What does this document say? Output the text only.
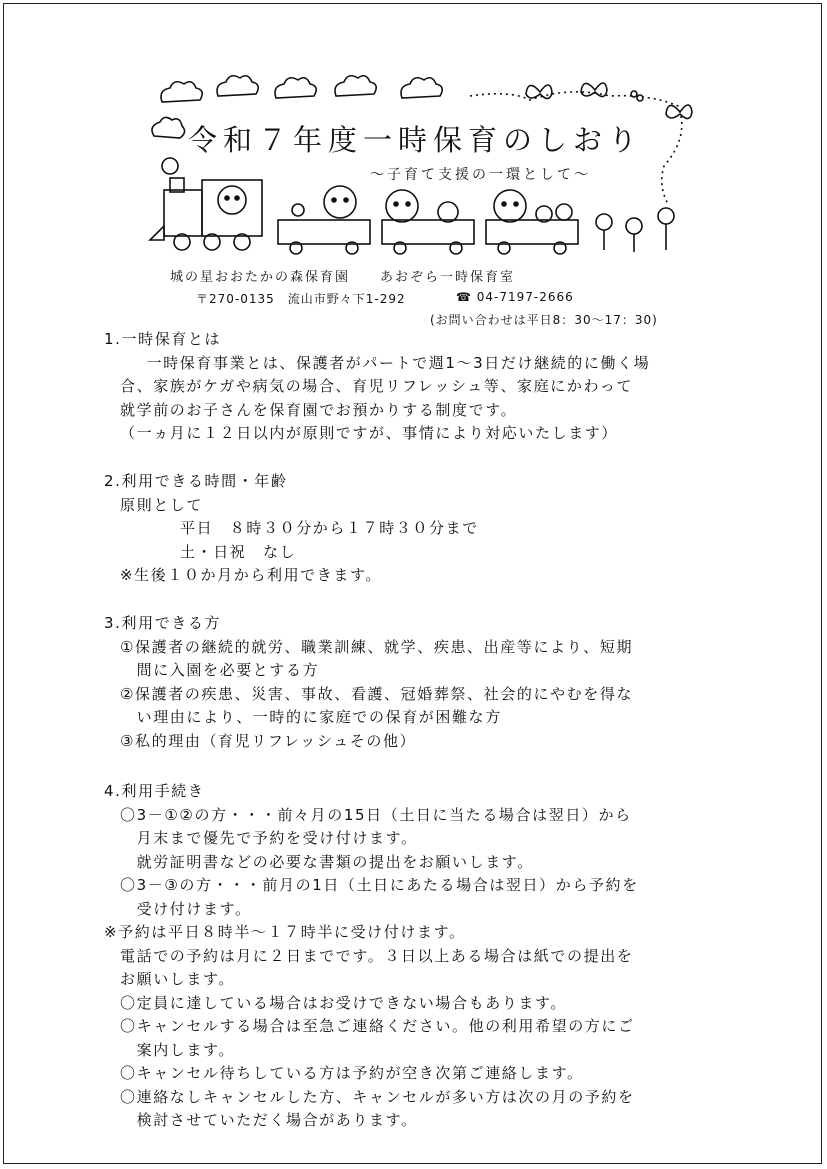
令和７年度一時保育のしおり
～子育て支援の一環として～
城の星おおたかの森保育園　　あおぞら一時保育室
〒270-0135　流山市野々下1-292	☎ 04-7197-2666
(お問い合わせは平日8：30～17：30)
1.一時保育とは
　一時保育事業とは、保護者がパートで週1～3日だけ継続的に働く場
合、家族がケガや病気の場合、育児リフレッシュ等、家庭にかわって
就学前のお子さんを保育園でお預かりする制度です。
（一ヵ月に１２日以内が原則ですが、事情により対応いたします）
2.利用できる時間・年齢
原則として
平日　８時３０分から１７時３０分まで
土・日祝　なし
※生後１０か月から利用できます。
3.利用できる方
①保護者の継続的就労、職業訓練、就学、疾患、出産等により、短期
　間に入園を必要とする方
②保護者の疾患、災害、事故、看護、冠婚葬祭、社会的にやむを得な
　い理由により、一時的に家庭での保育が困難な方
③私的理由（育児リフレッシュその他）
4.利用手続き
〇3－①②の方・・・前々月の15日（土日に当たる場合は翌日）から
　月末まで優先で予約を受け付けます。
　就労証明書などの必要な書類の提出をお願いします。
〇3－③の方・・・前月の1日（土日にあたる場合は翌日）から予約を
　受け付けます。
※予約は平日８時半～１７時半に受け付けます。
電話での予約は月に２日までです。３日以上ある場合は紙での提出を
お願いします。
〇定員に達している場合はお受けできない場合もあります。
〇キャンセルする場合は至急ご連絡ください。他の利用希望の方にご
　案内します。
〇キャンセル待ちしている方は予約が空き次第ご連絡します。
〇連絡なしキャンセルした方、キャンセルが多い方は次の月の予約を
　検討させていただく場合があります。
